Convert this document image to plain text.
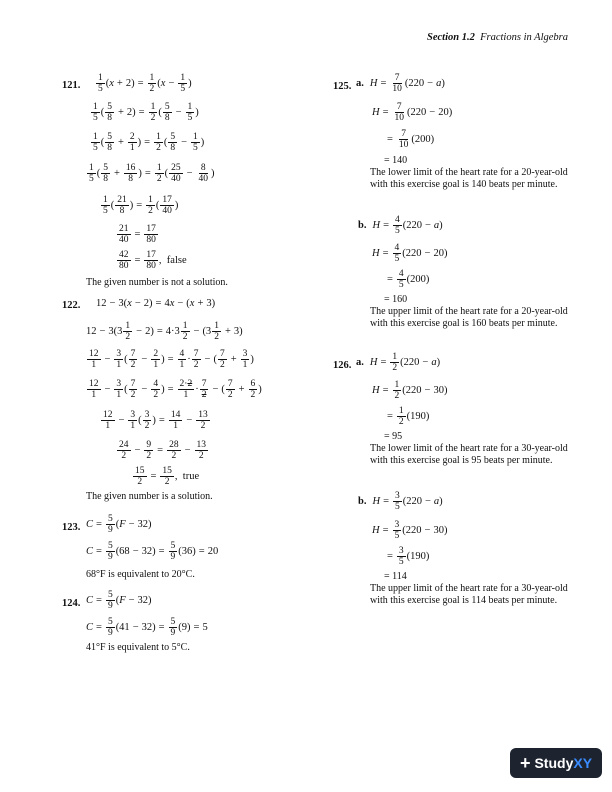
Section 1.2 Fractions in Algebra
121. $\frac{1}{5}$ ( $x + 2) = \frac{1}{2}$ ( $x - \frac{1}{5}$ )
$\frac{1}{5}$ ( $\frac{5}{8} + 2) = \frac{1}{2}$ ( $\frac{5}{8} - \frac{1}{5}$ )
$\frac{1}{5}$ ( $\frac{5}{8} + \frac{2}{1}$ ) = $\frac{1}{2}$ ( $\frac{5}{8} - \frac{1}{5}$ )
$\frac{1}{5}$ ( $\frac{5}{8} + \frac{16}{8}$ ) = $\frac{1}{2}$ ( $\frac{25}{40} - \frac{8}{40}$ )
$\frac{1}{5}$ ( $\frac{21}{8}$ ) = $\frac{1}{2}$ ( $\frac{17}{40}$ )
$\frac{21}{40} = \frac{17}{80}$
$\frac{42}{80} = \frac{17}{80}$ , false
The given number is not a solution.
122. 12 − 3( x − 2) = 4 x − ( x + 3)
$12 - 3(3 \frac{1}{2} - 2) = 4\cdot 3 \frac{1}{2} - (3 \frac{1}{2} + 3)$
$\frac{12}{1} - \frac{3}{1}$ ( $\frac{7}{2} - \frac{2}{1}$ ) = $\frac{4}{1} \cdot \frac{7}{2}$ − ( $\frac{7}{2} + \frac{3}{1}$ )
$\frac{12}{1} - \frac{3}{1}$ ( $\frac{7}{2} - \frac{4}{2}$ ) = $\frac{2\cdot 2}{1} \cdot \frac{7}{2}$ − ( $\frac{7}{2} + \frac{6}{2}$ )
$\frac{12}{1} - \frac{3}{1}$ ( $\frac{3}{2}$ ) = $\frac{14}{1} - \frac{13}{2}$
$\frac{24}{2} - \frac{9}{2} = \frac{28}{2} - \frac{13}{2}$
$\frac{15}{2} = \frac{15}{2}$ , true
The given number is a solution.
123. $C = \frac{5}{9}$ ( F − 32)
$C = \frac{5}{9} (68 - 32) = \frac{5}{9} (36) = 20$
68°F is equivalent to 20°C.
124. $C = \frac{5}{9}$ ( F − 32)
$C = \frac{5}{9} (41 - 32) = \frac{5}{9} (9) = 5$
41°F is equivalent to 5°C.
125. a. $H = \frac{7}{10} (220 - a$ )
$H = \frac{7}{10} (220 - 20)$
= $\frac{7}{10} (200)$
= 140
The lower limit of the heart rate for a 20-year-old with this exercise goal is 140 beats per minute.
b. $H = \frac{4}{5} (220 - a$ )
$H = \frac{4}{5} (220 - 20)$
= $\frac{4}{5} (200)$
= 160
The upper limit of the heart rate for a 20-year-old with this exercise goal is 160 beats per minute.
126. a. $H = \frac{1}{2} (220 - a$ )
$H = \frac{1}{2} (220 - 30)$
= $\frac{1}{2} (190)$
= 95
The lower limit of the heart rate for a 30-year-old with this exercise goal is 95 beats per minute.
b. $H = \frac{3}{5} (220 - a$ )
$H = \frac{3}{5} (220 - 30)$
= $\frac{3}{5} (190)$
= 114
The upper limit of the heart rate for a 30-year-old with this exercise goal is 114 beats per minute.
+ StudyXY
